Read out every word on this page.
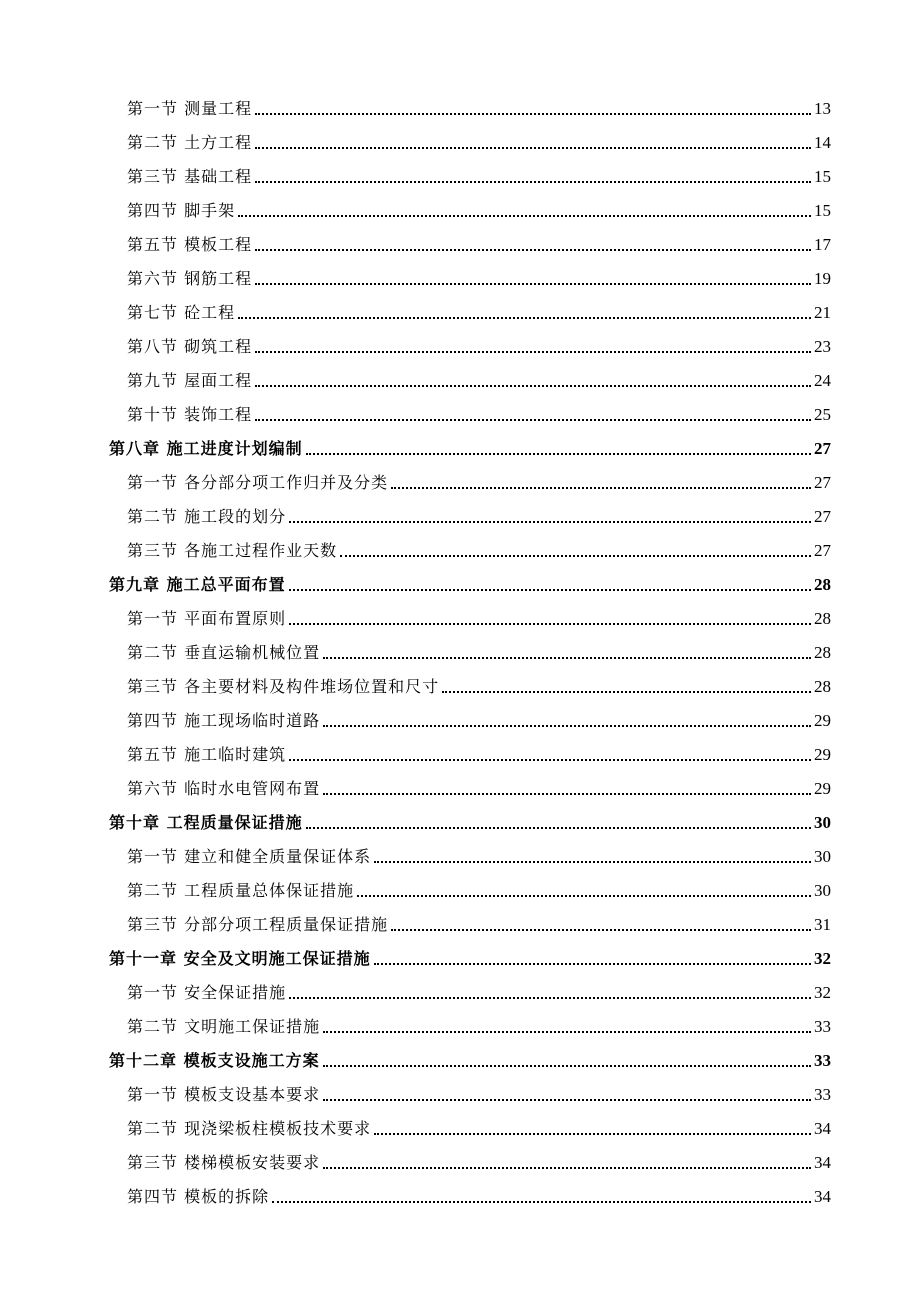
第一节 测量工程	13
第二节 土方工程	14
第三节 基础工程	15
第四节 脚手架	15
第五节 模板工程	17
第六节 钢筋工程	19
第七节 砼工程	21
第八节 砌筑工程	23
第九节 屋面工程	24
第十节 装饰工程	25
第八章 施工进度计划编制	27
第一节 各分部分项工作归并及分类	27
第二节 施工段的划分	27
第三节 各施工过程作业天数	27
第九章 施工总平面布置	28
第一节 平面布置原则	28
第二节 垂直运输机械位置	28
第三节 各主要材料及构件堆场位置和尺寸	28
第四节 施工现场临时道路	29
第五节 施工临时建筑	29
第六节 临时水电管网布置	29
第十章 工程质量保证措施	30
第一节 建立和健全质量保证体系	30
第二节 工程质量总体保证措施	30
第三节 分部分项工程质量保证措施	31
第十一章 安全及文明施工保证措施	32
第一节 安全保证措施	32
第二节 文明施工保证措施	33
第十二章 模板支设施工方案	33
第一节 模板支设基本要求	33
第二节 现浇梁板柱模板技术要求	34
第三节 楼梯模板安装要求	34
第四节 模板的拆除	34
